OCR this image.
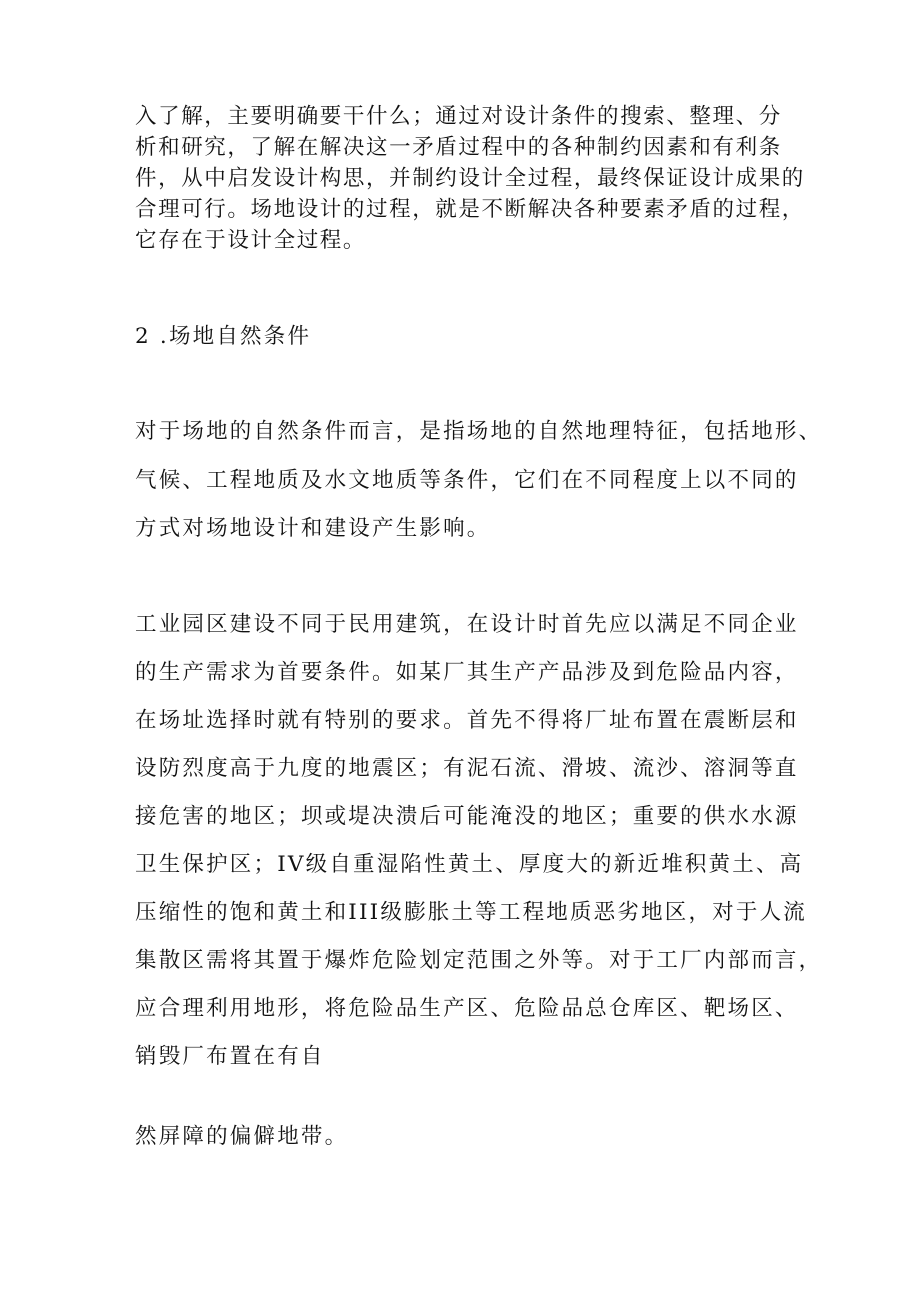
入了解，主要明确要干什么；通过对设计条件的搜索、整理、分
析和研究，了解在解决这一矛盾过程中的各种制约因素和有利条
件，从中启发设计构思，并制约设计全过程，最终保证设计成果的
合理可行。场地设计的过程，就是不断解决各种要素矛盾的过程，
它存在于设计全过程。
2 .场地自然条件
对于场地的自然条件而言，是指场地的自然地理特征，包括地形、
气候、工程地质及水文地质等条件，它们在不同程度上以不同的
方式对场地设计和建设产生影响。
工业园区建设不同于民用建筑，在设计时首先应以满足不同企业
的生产需求为首要条件。如某厂其生产产品涉及到危险品内容，
在场址选择时就有特别的要求。首先不得将厂址布置在震断层和
设防烈度高于九度的地震区；有泥石流、滑坡、流沙、溶洞等直
接危害的地区；坝或堤决溃后可能淹没的地区；重要的供水水源
卫生保护区；IV级自重湿陷性黄土、厚度大的新近堆积黄土、高
压缩性的饱和黄土和III级膨胀土等工程地质恶劣地区，对于人流
集散区需将其置于爆炸危险划定范围之外等。对于工厂内部而言，
应合理利用地形，将危险品生产区、危险品总仓库区、靶场区、
销毁厂布置在有自
然屏障的偏僻地带。
